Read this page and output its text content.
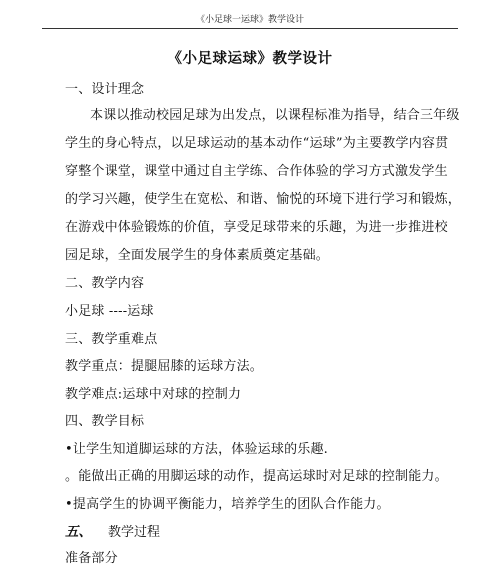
《小足球一运球》教学设计
《小足球运球》教学设计
一、设计理念
本课以推动校园足球为出发点，以课程标准为指导，结合三年级
学生的身心特点，以足球运动的基本动作“运球”为主要教学内容贯
穿整个课堂，课堂中通过自主学练、合作体验的学习方式激发学生
的学习兴趣，使学生在宽松、和谐、愉悦的环境下进行学习和锻炼，
在游戏中体验锻炼的价值，享受足球带来的乐趣，为进一步推进校
园足球，全面发展学生的身体素质奠定基础。
二、教学内容
小足球 ----运球
三、教学重难点
教学重点：提腿屈膝的运球方法。
教学难点:运球中对球的控制力
四、教学目标
•让学生知道脚运球的方法，体验运球的乐趣.
。能做出正确的用脚运球的动作，提高运球时对足球的控制能力。
•提高学生的协调平衡能力，培养学生的团队合作能力。
五、 教学过程
准备部分
